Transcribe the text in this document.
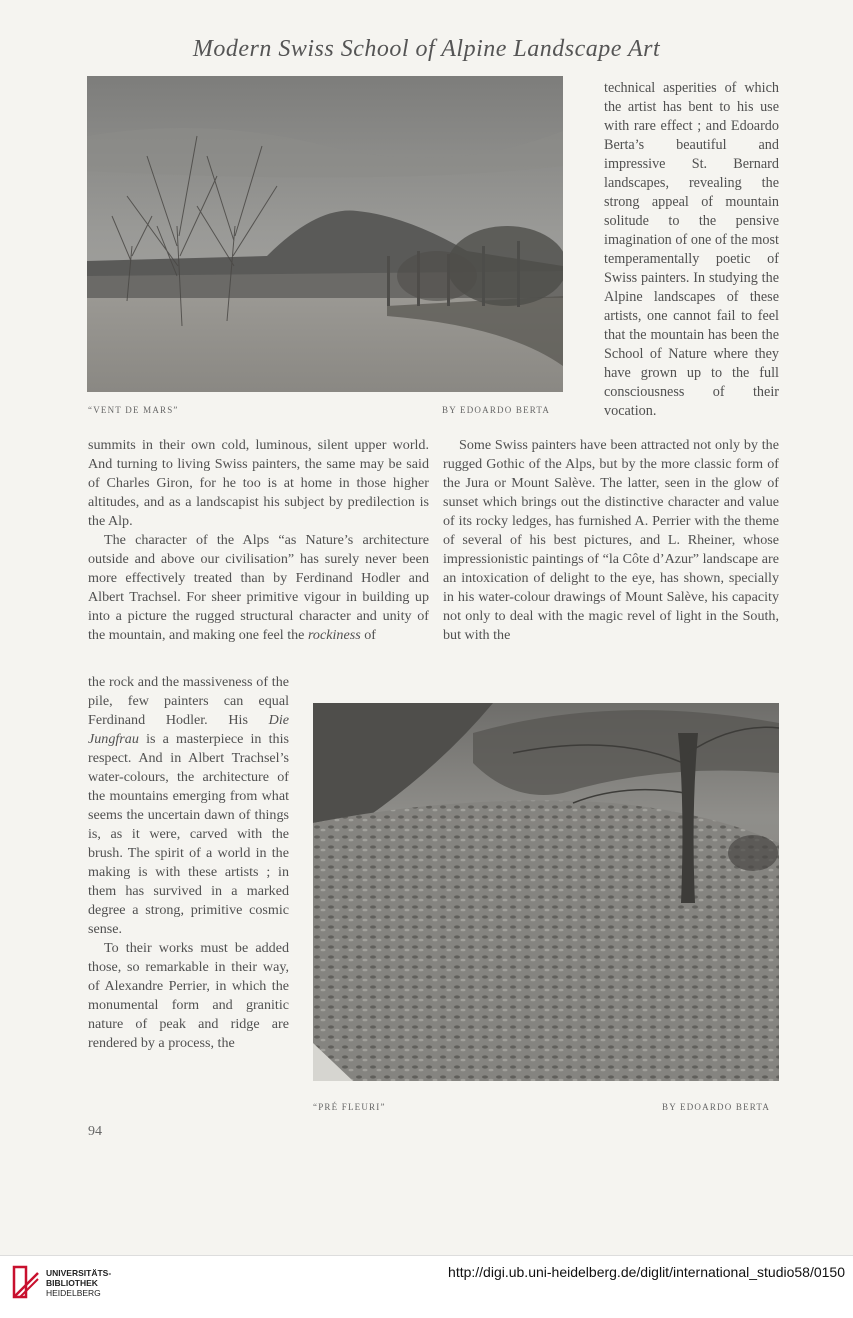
Modern Swiss School of Alpine Landscape Art
“VENT DE MARS”	BY EDOARDO BERTA
technical asperities of which the artist has bent to his use with rare effect ; and Edoardo Berta’s beautiful and impressive St. Bernard landscapes, revealing the strong appeal of mountain solitude to the pensive imagination of one of the most temperamentally poetic of Swiss painters. In studying the Alpine landscapes of these artists, one cannot fail to feel that the mountain has been the School of Nature where they have grown up to the full consciousness of their vocation.

summits in their own cold, luminous, silent upper world. And turning to living Swiss painters, the same may be said of Charles Giron, for he too is at home in those higher altitudes, and as a landscapist his subject by predilection is the Alp.

The character of the Alps “as Nature’s architecture outside and above our civilisation” has surely never been more effectively treated than by Ferdinand Hodler and Albert Trachsel. For sheer primitive vigour in building up into a picture the rugged structural character and unity of the mountain, and making one feel the rockiness of

Some Swiss painters have been attracted not only by the rugged Gothic of the Alps, but by the more classic form of the Jura or Mount Salève. The latter, seen in the glow of sunset which brings out the distinctive character and value of its rocky ledges, has furnished A. Perrier with the theme of several of his best pictures, and L. Rheiner, whose impressionistic paintings of “la Côte d’Azur” landscape are an intoxication of delight to the eye, has shown, specially in his water-colour drawings of Mount Salève, his capacity not only to deal with the magic revel of light in the South, but with the

the rock and the massiveness of the pile, few painters can equal Ferdinand Hodler. His Die Jungfrau is a masterpiece in this respect. And in Albert Trachsel’s water-colours, the architecture of the mountains emerging from what seems the uncertain dawn of things is, as it were, carved with the brush. The spirit of a world in the making is with these artists ; in them has survived in a marked degree a strong, primitive cosmic sense.

To their works must be added those, so remarkable in their way, of Alexandre Perrier, in which the monumental form and granitic nature of peak and ridge are rendered by a process, the

“PRÉ FLEURI”	BY EDOARDO BERTA
94
UNIVERSITÄTS-
BIBLIOTHEK
HEIDELBERG
http://digi.ub.uni-heidelberg.de/diglit/international_studio58/0150
